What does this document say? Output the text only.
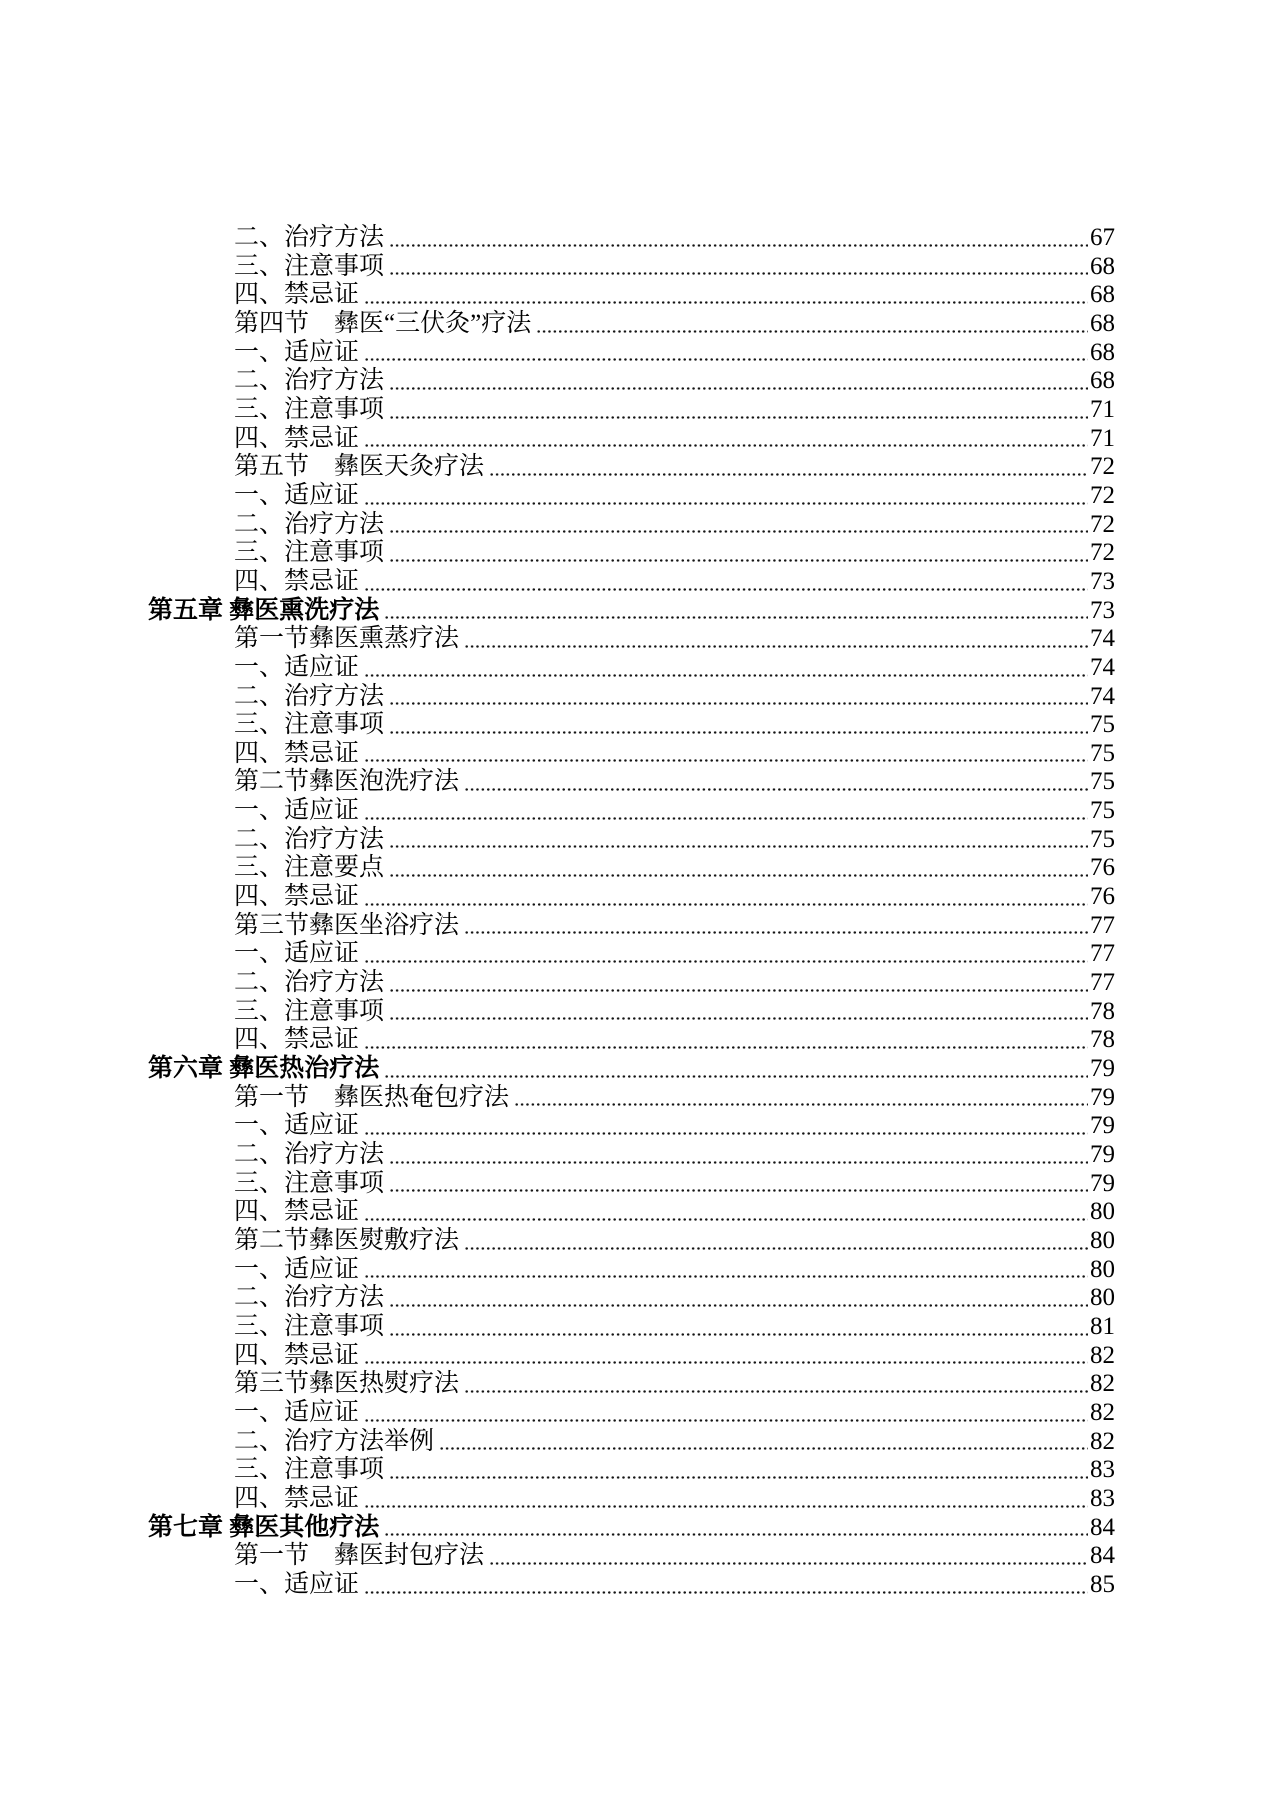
二、治疗方法	67
三、注意事项	68
四、禁忌证	68
第四节　彝医“三伏灸”疗法	68
一、适应证	68
二、治疗方法	68
三、注意事项	71
四、禁忌证	71
第五节　彝医天灸疗法	72
一、适应证	72
二、治疗方法	72
三、注意事项	72
四、禁忌证	73
第五章 彝医熏洗疗法	73
第一节彝医熏蒸疗法	74
一、适应证	74
二、治疗方法	74
三、注意事项	75
四、禁忌证	75
第二节彝医泡洗疗法	75
一、适应证	75
二、治疗方法	75
三、注意要点	76
四、禁忌证	76
第三节彝医坐浴疗法	77
一、适应证	77
二、治疗方法	77
三、注意事项	78
四、禁忌证	78
第六章 彝医热治疗法	79
第一节　彝医热奄包疗法	79
一、适应证	79
二、治疗方法	79
三、注意事项	79
四、禁忌证	80
第二节彝医熨敷疗法	80
一、适应证	80
二、治疗方法	80
三、注意事项	81
四、禁忌证	82
第三节彝医热熨疗法	82
一、适应证	82
二、治疗方法举例	82
三、注意事项	83
四、禁忌证	83
第七章 彝医其他疗法	84
第一节　彝医封包疗法	84
一、适应证	85
